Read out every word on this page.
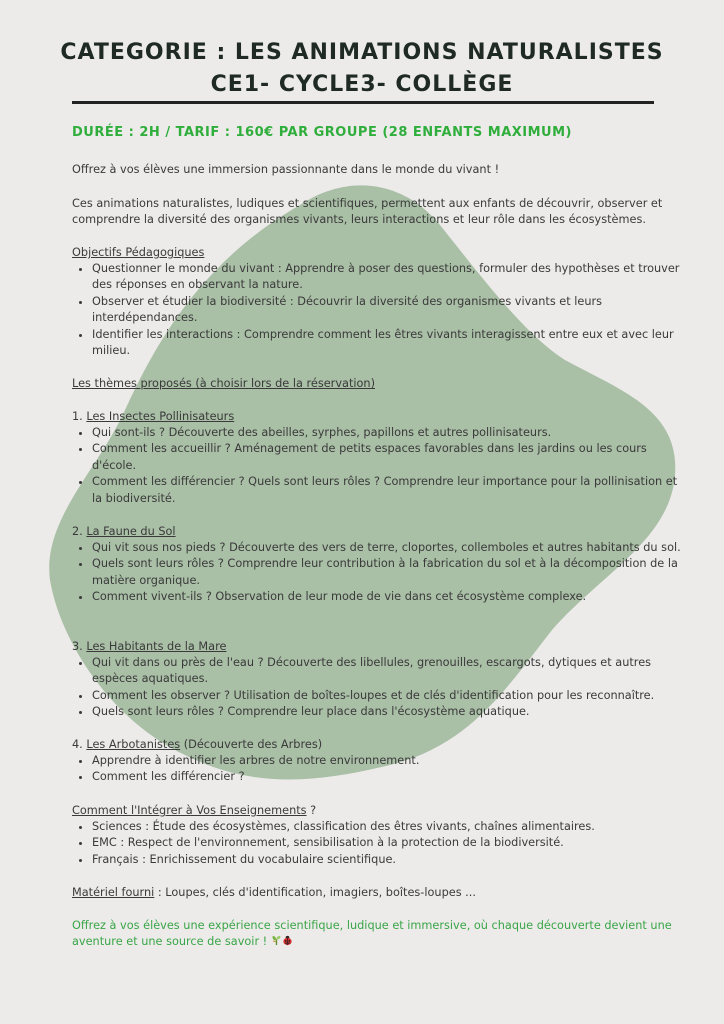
CATEGORIE : LES ANIMATIONS NATURALISTES
CE1- CYCLE3- COLLÈGE
DURÉE : 2H / TARIF : 160€ PAR GROUPE (28 ENFANTS MAXIMUM)
Offrez à vos élèves une immersion passionnante dans le monde du vivant !
Ces animations naturalistes, ludiques et scientifiques, permettent aux enfants de découvrir, observer et comprendre la diversité des organismes vivants, leurs interactions et leur rôle dans les écosystèmes.
Objectifs Pédagogiques
• Questionner le monde du vivant : Apprendre à poser des questions, formuler des hypothèses et trouver des réponses en observant la nature.
• Observer et étudier la biodiversité : Découvrir la diversité des organismes vivants et leurs interdépendances.
• Identifier les interactions : Comprendre comment les êtres vivants interagissent entre eux et avec leur milieu.
Les thèmes proposés (à choisir lors de la réservation)
1. Les Insectes Pollinisateurs
• Qui sont-ils ? Découverte des abeilles, syrphes, papillons et autres pollinisateurs.
• Comment les accueillir ? Aménagement de petits espaces favorables dans les jardins ou les cours d'école.
• Comment les différencier ? Quels sont leurs rôles ? Comprendre leur importance pour la pollinisation et la biodiversité.
2. La Faune du Sol
• Qui vit sous nos pieds ? Découverte des vers de terre, cloportes, collemboles et autres habitants du sol.
• Quels sont leurs rôles ? Comprendre leur contribution à la fabrication du sol et à la décomposition de la matière organique.
• Comment vivent-ils ? Observation de leur mode de vie dans cet écosystème complexe.
3. Les Habitants de la Mare
• Qui vit dans ou près de l'eau ? Découverte des libellules, grenouilles, escargots, dytiques et autres espèces aquatiques.
• Comment les observer ? Utilisation de boîtes-loupes et de clés d'identification pour les reconnaître.
• Quels sont leurs rôles ? Comprendre leur place dans l'écosystème aquatique.
4. Les Arbotanistes (Découverte des Arbres)
• Apprendre à identifier les arbres de notre environnement.
• Comment les différencier ?
Comment l'Intégrer à Vos Enseignements ?
• Sciences : Étude des écosystèmes, classification des êtres vivants, chaînes alimentaires.
• EMC : Respect de l'environnement, sensibilisation à la protection de la biodiversité.
• Français : Enrichissement du vocabulaire scientifique.
Matériel fourni : Loupes, clés d'identification, imagiers, boîtes-loupes ...
Offrez à vos élèves une expérience scientifique, ludique et immersive, où chaque découverte devient une aventure et une source de savoir !
